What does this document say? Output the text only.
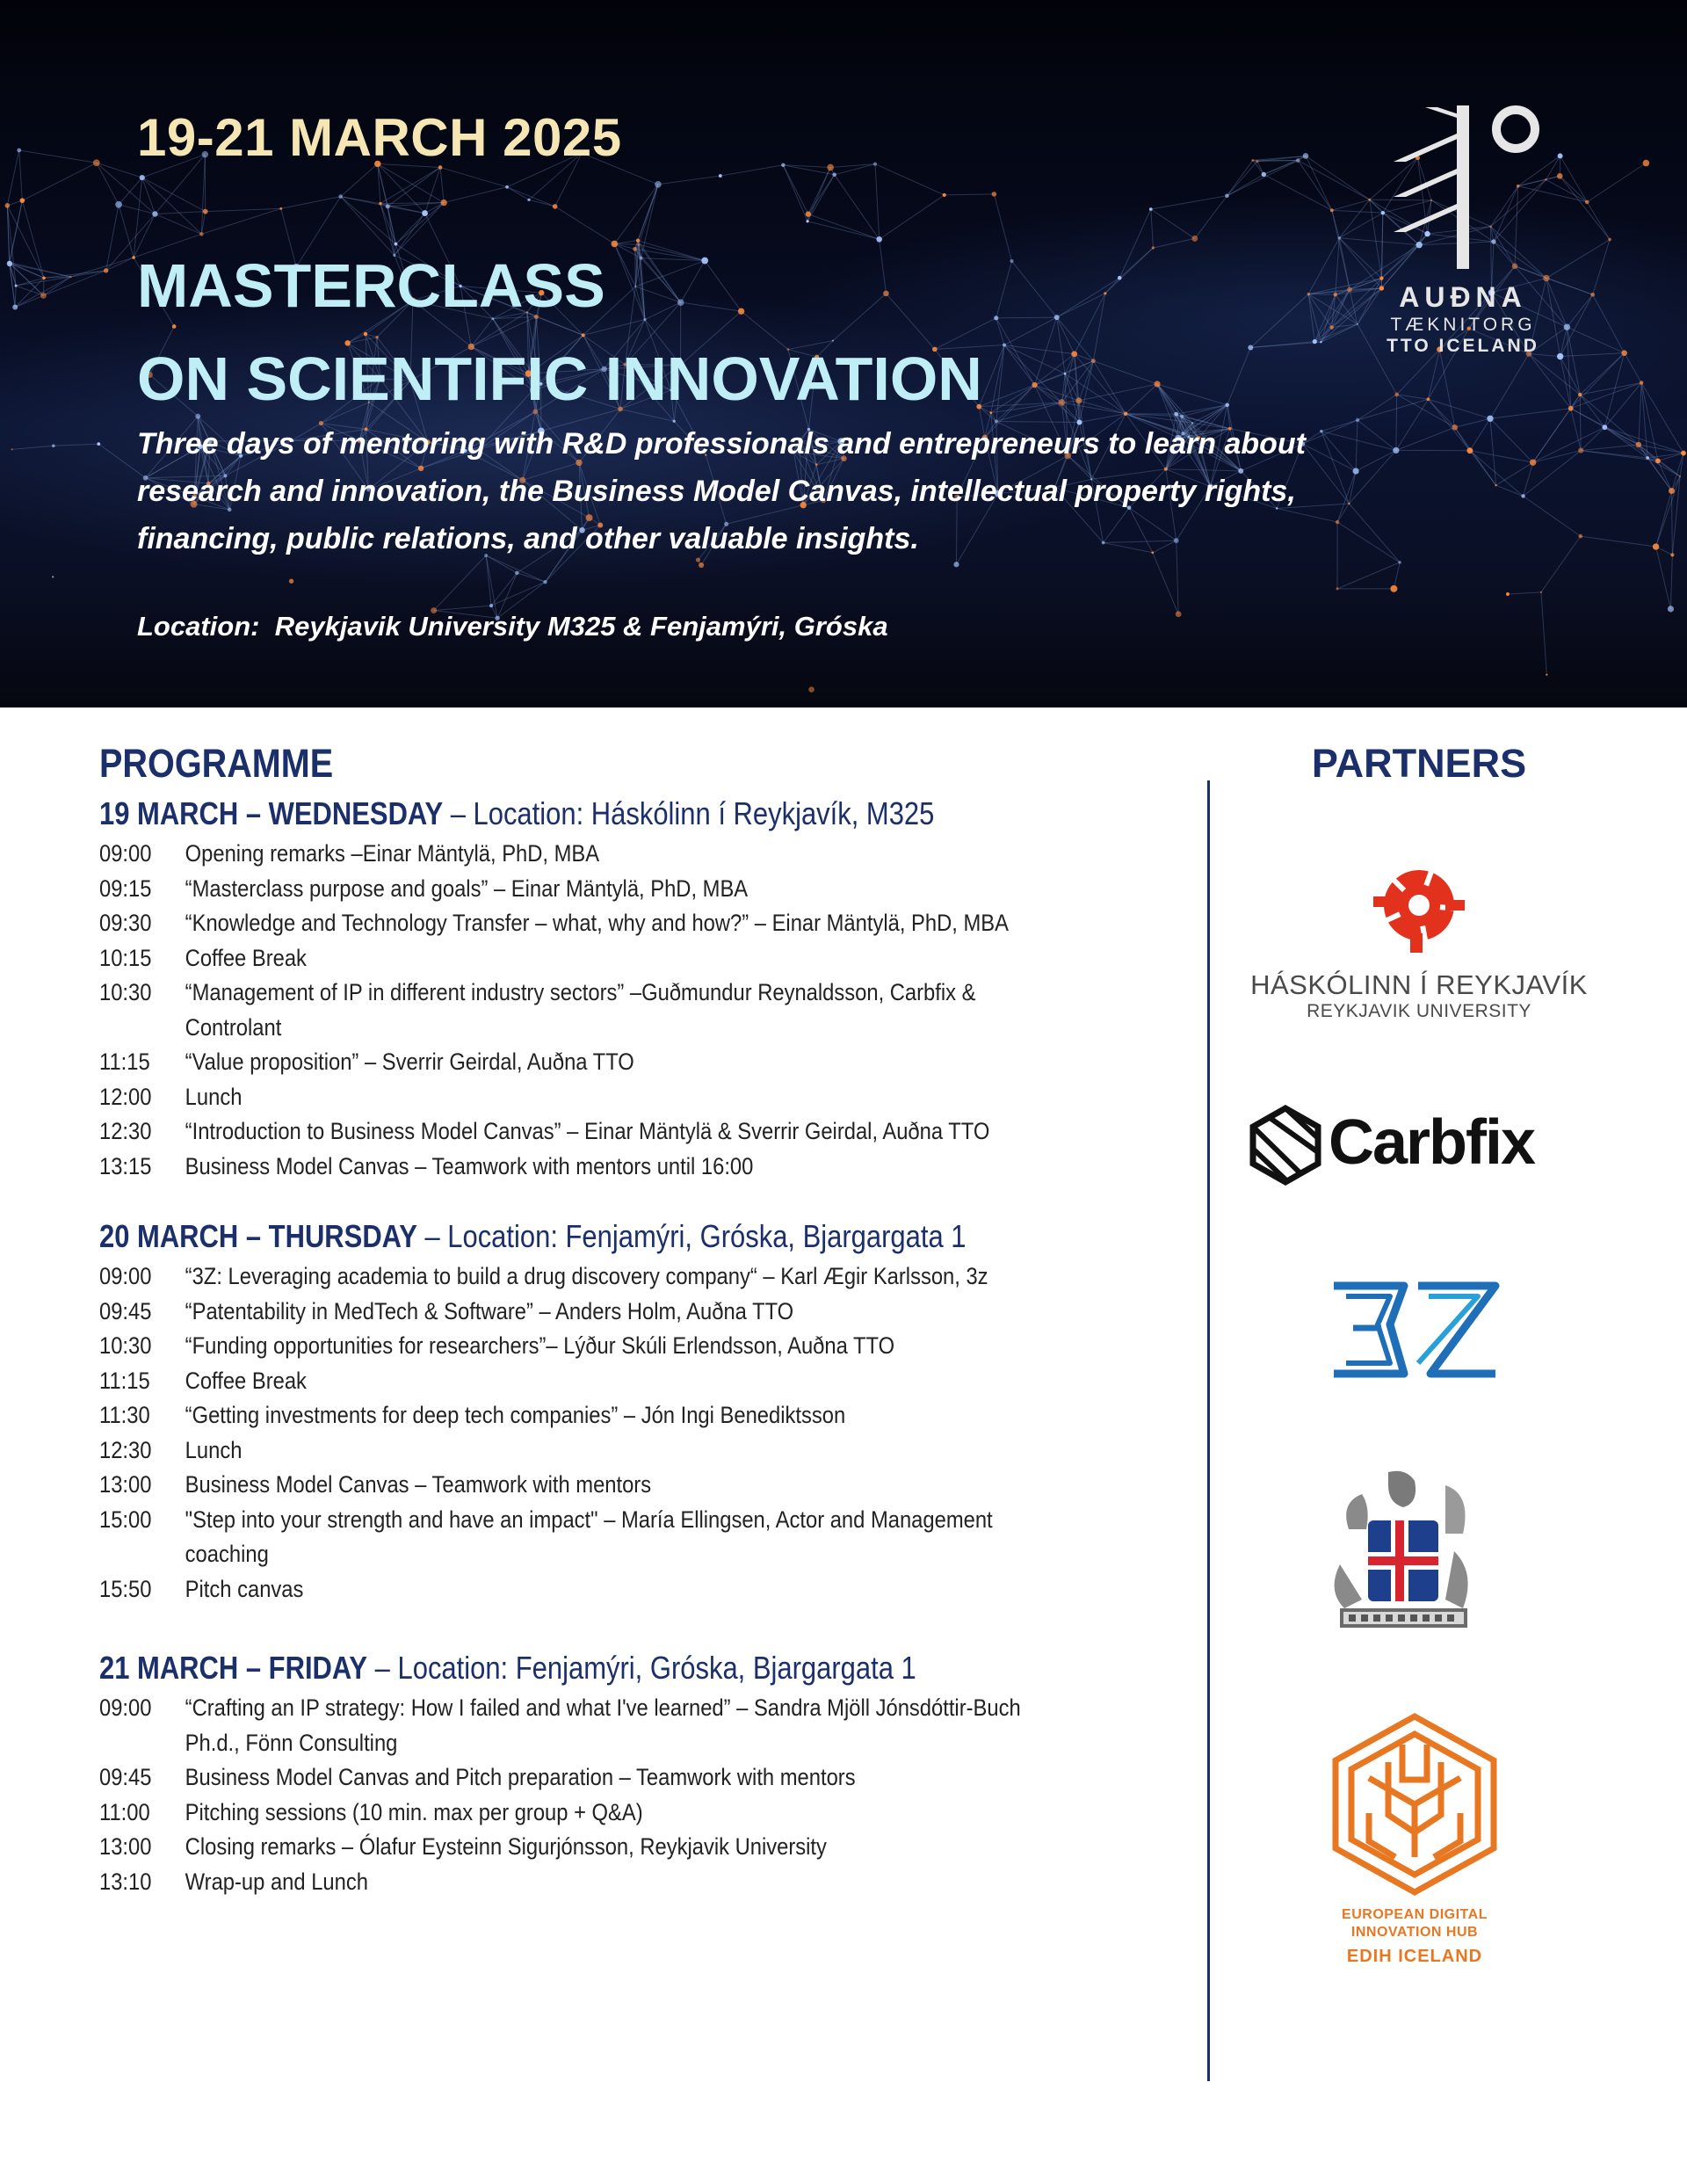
19-21 MARCH 2025
MASTERCLASS
ON SCIENTIFIC INNOVATION

Three days of mentoring with R&D professionals and entrepreneurs to learn about research and innovation, the Business Model Canvas, intellectual property rights, financing, public relations, and other valuable insights.

Location:  Reykjavik University M325 & Fenjamýri, Gróska

AUÐNA

TÆKNITORG

TTO ICELAND

PROGRAMME
19 MARCH – WEDNESDAY – Location: Háskólinn í Reykjavík, M325
09:00	Opening remarks –Einar Mäntylä, PhD, MBA
09:15	“Masterclass purpose and goals” – Einar Mäntylä, PhD, MBA
09:30	“Knowledge and Technology Transfer – what, why and how?” – Einar Mäntylä, PhD, MBA
10:15	Coffee Break
10:30	“Management of IP in different industry sectors” –Guðmundur Reynaldsson, Carbfix & Controlant
11:15	“Value proposition” – Sverrir Geirdal, Auðna TTO
12:00	Lunch
12:30	“Introduction to Business Model Canvas” – Einar Mäntylä & Sverrir Geirdal, Auðna TTO
13:15	Business Model Canvas – Teamwork with mentors until 16:00
20 MARCH – THURSDAY – Location: Fenjamýri, Gróska, Bjargargata 1
09:00	“3Z: Leveraging academia to build a drug discovery company“ – Karl Ægir Karlsson, 3z
09:45	“Patentability in MedTech & Software” – Anders Holm, Auðna TTO
10:30	“Funding opportunities for researchers”– Lýður Skúli Erlendsson, Auðna TTO
11:15	Coffee Break
11:30	“Getting investments for deep tech companies” – Jón Ingi Benediktsson
12:30	Lunch
13:00	Business Model Canvas – Teamwork with mentors
15:00	"Step into your strength and have an impact" – María Ellingsen, Actor and Management coaching
15:50	Pitch canvas
21 MARCH – FRIDAY – Location: Fenjamýri, Gróska, Bjargargata 1
09:00	“Crafting an IP strategy: How I failed and what I've learned” – Sandra Mjöll Jónsdóttir-Buch Ph.d., Fönn Consulting
09:45	Business Model Canvas and Pitch preparation – Teamwork with mentors
11:00	Pitching sessions (10 min. max per group + Q&A)
13:00	Closing remarks – Ólafur Eysteinn Sigurjónsson, Reykjavik University
13:10	Wrap-up and Lunch
PARTNERS

HÁSKÓLINN Í REYKJAVÍK

REYKJAVIK UNIVERSITY

Carbfix

EUROPEAN DIGITAL

INNOVATION HUB

EDIH ICELAND
